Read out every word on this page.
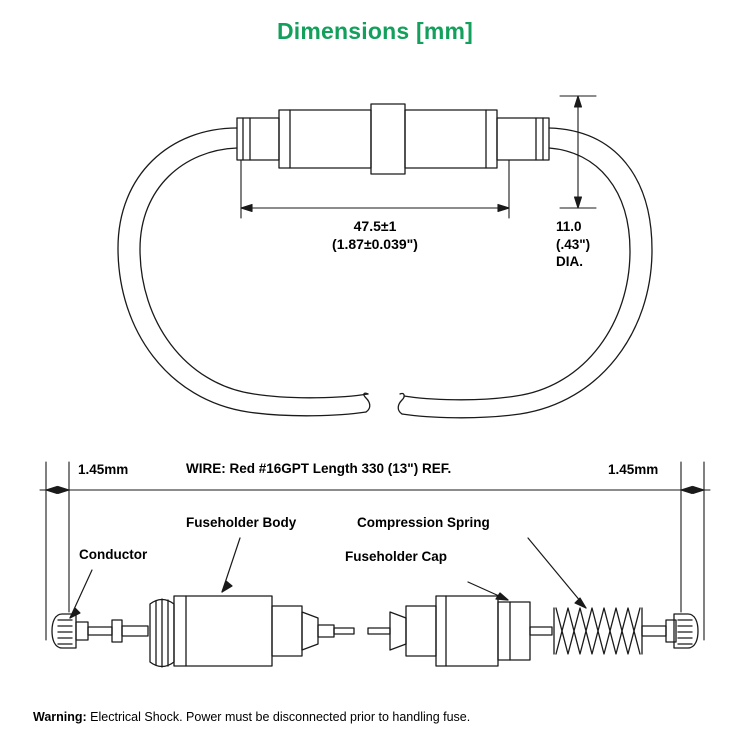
Dimensions [mm]
47.5±1
(1.87±0.039")
11.0
(.43")
DIA.
1.45mm	1.45mm
WIRE: Red #16GPT Length 330 (13") REF.
Conductor
Fuseholder Body	Compression Spring
Fuseholder Cap
Warning: Electrical Shock. Power must be disconnected prior to handling fuse.
